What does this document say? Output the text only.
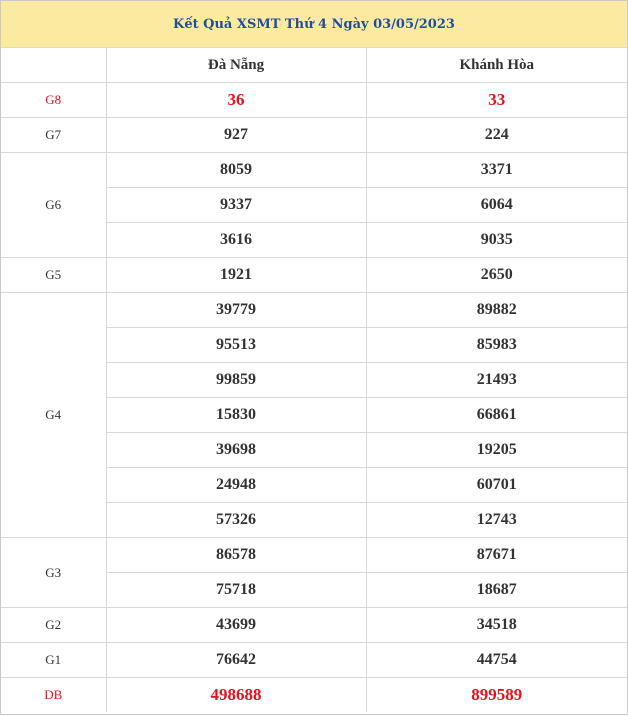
Kết Quả XSMT Thứ 4 Ngày 03/05/2023
	Đà Nẵng	Khánh Hòa
G8	36	33
G7	927	224
G6	8059	3371
	9337	6064
	3616	9035
G5	1921	2650
G4	39779	89882
	95513	85983
	99859	21493
	15830	66861
	39698	19205
	24948	60701
	57326	12743
G3	86578	87671
	75718	18687
G2	43699	34518
G1	76642	44754
DB	498688	899589
